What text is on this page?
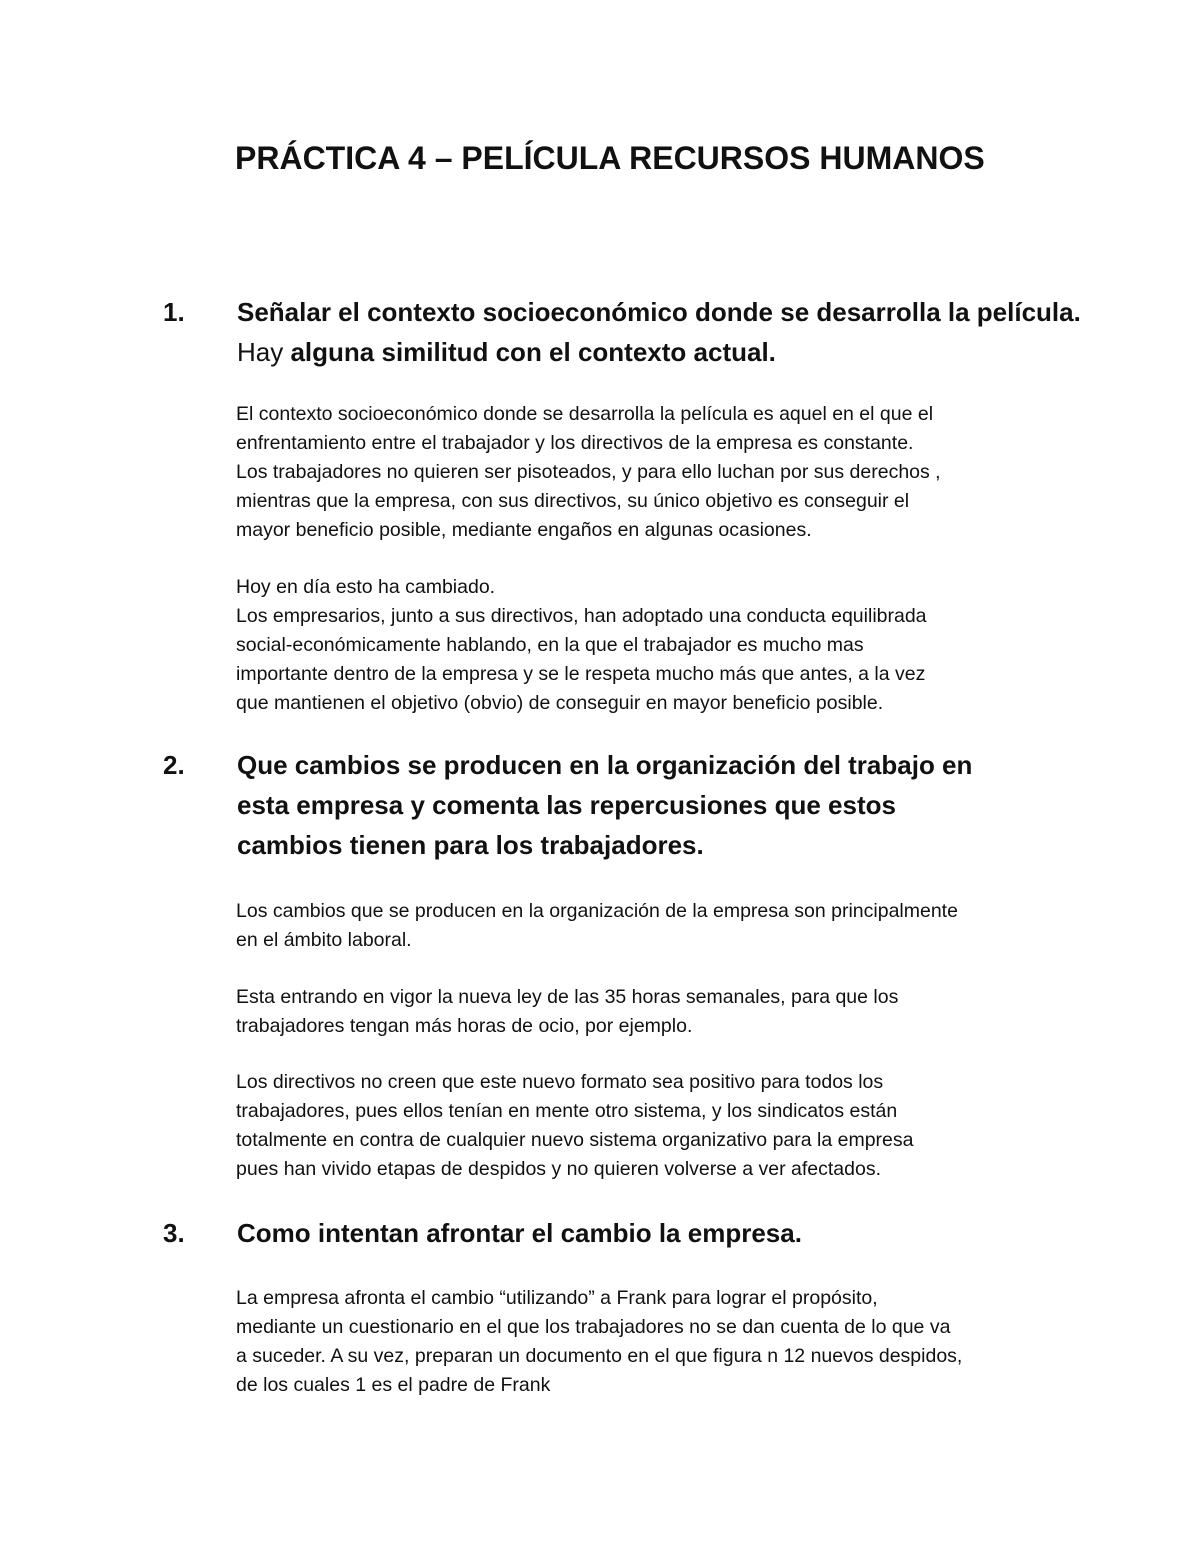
PRÁCTICA 4 – PELÍCULA RECURSOS HUMANOS
1. Señalar el contexto socioeconómico donde se desarrolla la película. Hay alguna similitud con el contexto actual.
El contexto socioeconómico donde se desarrolla la película es aquel en el que el
enfrentamiento entre el trabajador y los directivos de la empresa es constante.
Los trabajadores no quieren ser pisoteados, y para ello luchan por sus derechos ,
mientras que la empresa, con sus directivos, su único objetivo es conseguir el
mayor beneficio posible, mediante engaños en algunas ocasiones.
Hoy en día esto ha cambiado.
Los empresarios, junto a sus directivos, han adoptado una conducta equilibrada
social-económicamente hablando, en la que el trabajador es mucho mas
importante dentro de la empresa y se le respeta mucho más que antes, a la vez
que mantienen el objetivo (obvio) de conseguir en mayor beneficio posible.
2. Que cambios se producen en la organización del trabajo en
esta empresa y comenta las repercusiones que estos
cambios tienen para los trabajadores.
Los cambios que se producen en la organización de la empresa son principalmente
en el ámbito laboral.
Esta entrando en vigor la nueva ley de las 35 horas semanales, para que los
trabajadores tengan más horas de ocio, por ejemplo.
Los directivos no creen que este nuevo formato sea positivo para todos los
trabajadores, pues ellos tenían en mente otro sistema, y los sindicatos están
totalmente en contra de cualquier nuevo sistema organizativo para la empresa
pues han vivido etapas de despidos y no quieren volverse a ver afectados.
3. Como intentan afrontar el cambio la empresa.
La empresa afronta el cambio “utilizando” a Frank para lograr el propósito,
mediante un cuestionario en el que los trabajadores no se dan cuenta de lo que va
a suceder. A su vez, preparan un documento en el que figura n 12 nuevos despidos,
de los cuales 1 es el padre de Frank
